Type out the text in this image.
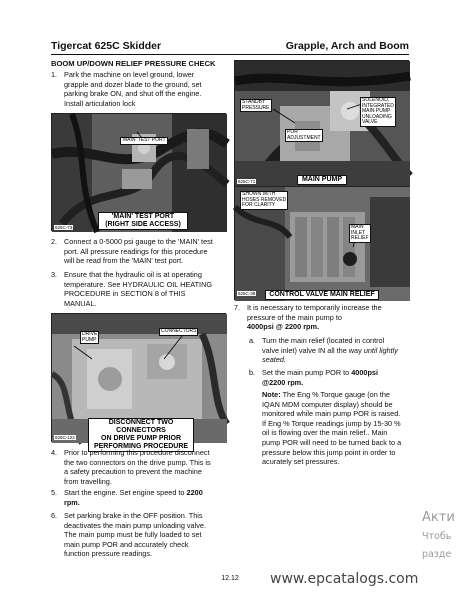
Tigercat 625C Skidder	Grapple, Arch and Boom
BOOM UP/DOWN RELIEF PRESSURE CHECK
1. Park the machine on level ground, lower
grapple and dozer blade to the ground, set
parking brake ON, and shut off the engine.
Install articulation lock
'MAIN' TEST PORT
'MAIN' TEST PORT
(RIGHT SIDE ACCESS)
625C-73
2. Connect a 0-5000 psi gauge to the 'MAIN' test
port. All pressure readings for this procedure
will be read from the 'MAIN' test port.
3. Ensure that the hydraulic oil is at operating
temperature. See HYDRAULIC OIL HEATING
PROCEDURE in SECTION 8 of THIS
MANUAL.
DRIVE
PUMP
CONNECTORS
DISCONNECT TWO CONNECTORS
ON DRIVE PUMP PRIOR
PERFORMING PROCEDURE
625C-122
4. Prior to performing this procedure disconnect
the two connectors on the drive pump. This is
a safety precaution to prevent the machine
from travelling.
5. Start the engine. Set engine speed to 2200
rpm.
6. Set parking brake in the OFF position. This
deactivates the main pump unloading valve.
The main pump must be fully loaded to set
main pump POR and accurately check
function pressure readings.
STANDBY
PRESSURE
SOLENOID,
INTEGRATED
MAIN PUMP
UNLOADING
VALVE
POR
ADJUSTMENT
MAIN PUMP
625C-71
SHOWN WITH
HOSES REMOVED
FOR CLARITY
MAIN
INLET
RELIEF
CONTROL VALVE MAIN RELIEF
625C-39
7. It is necessary to temporarily increase the
pressure of the main pump to
4000psi @ 2200 rpm.
a. Turn the main relief (located in control
valve inlet) valve IN all the way until lightly
seated.
b. Set the main pump POR to 4000psi
@2200 rpm.
Note: The Eng % Torque gauge (on the
IQAN MDM computer display) should be
monitored while main pump POR is raised.
If Eng % Torque readings jump by 15-30 %
oil is flowing over the main relief.. Main
pump POR will need to be turned back to a
pressure below this jump point in order to
acurately set pressures.
Акти
Чтобь
разде
12.12	www.epcatalogs.com
